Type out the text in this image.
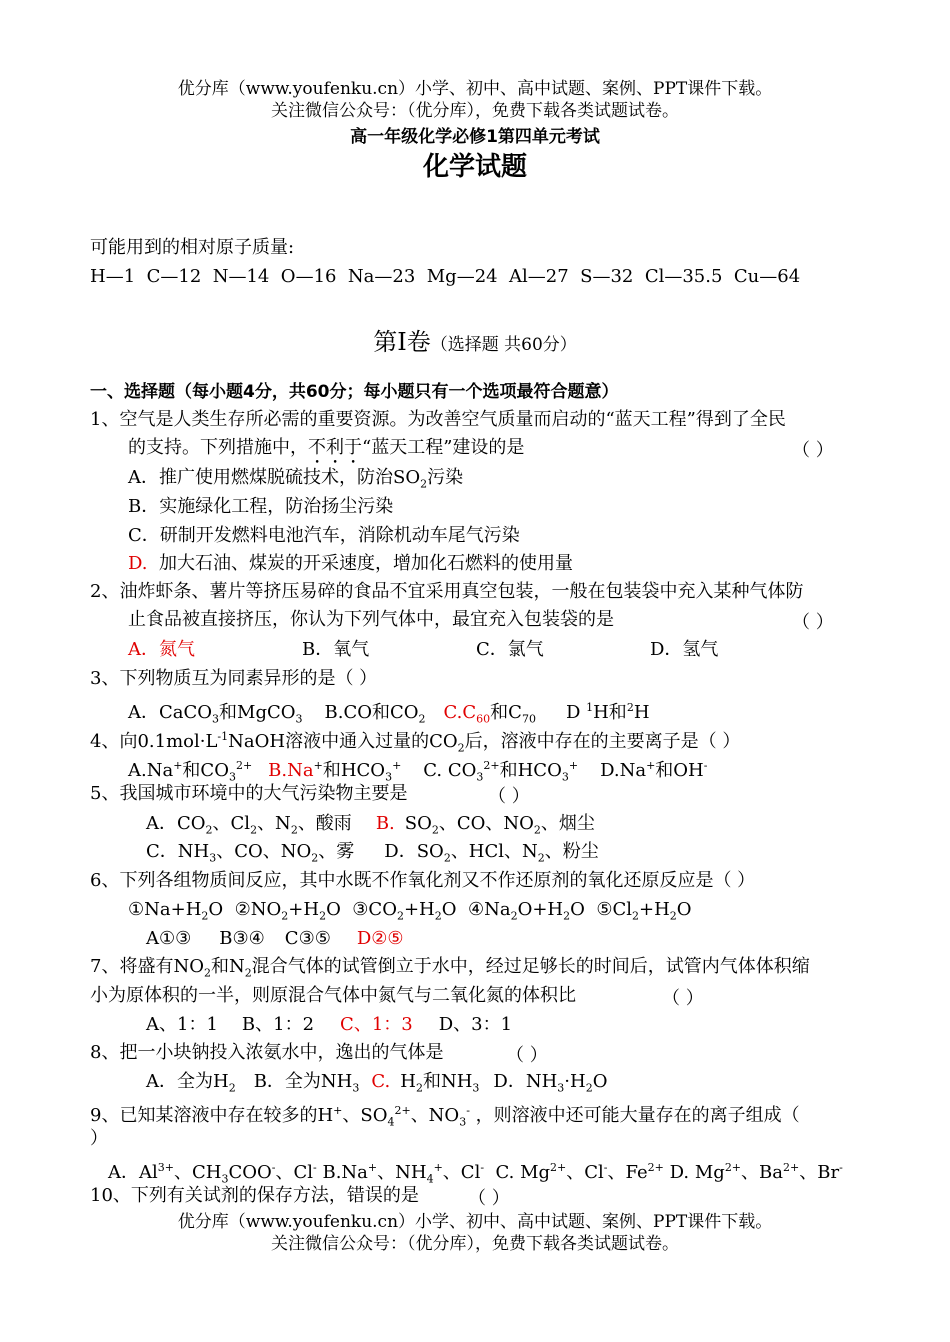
优分库（www.youfenku.cn）小学、初中、高中试题、案例、PPT课件下载。
关注微信公众号：（优分库），免费下载各类试题试卷。
高一年级化学必修1第四单元考试
化学试题
可能用到的相对原子质量:
H—1  C—12  N—14  O—16  Na—23  Mg—24  Al—27  S—32  Cl—35.5  Cu—64
第Ⅰ卷（选择题 共60分）
一、选择题（每小题4分，共60分；每小题只有一个选项最符合题意）
1、空气是人类生存所必需的重要资源。为改善空气质量而启动的“蓝天工程”得到了全民
的支持。下列措施中，不利于“蓝天工程”建设的是	（ ）
A．推广使用燃煤脱硫技术，防治$SO_2$污染
B．实施绿化工程，防治扬尘污染
C．研制开发燃料电池汽车，消除机动车尾气污染
D. 加大石油、煤炭的开采速度，增加化石燃料的使用量
2、油炸虾条、薯片等挤压易碎的食品不宜采用真空包装，一般在包装袋中充入某种气体防
止食品被直接挤压，你认为下列气体中，最宜充入包装袋的是	（ ）
A．氮气	B．氧气	C．氯气	D．氢气
3、下列物质互为同素异形的是（ ）
A．CaCO$_3$和MgCO$_3$ B.CO和$CO_2$ $C.C_{60}$和$C_{70}$ D $^1$H和$^2$H
4、向$0.1mol\cdot L^{-1}NaOH$溶液中通入过量的$CO_2$后，溶液中存在的主要离子是（ ）
A.Na+和$CO_3^{2+}$ B.Na+和$HCO_3^+$ C. $CO_3^{2+}$和$HCO_3^+$ D.Na+和OH-
5、我国城市环境中的大气污染物主要是	（ ）
A．$CO_2$、$Cl_2$、$N_2$、酸雨 B. $SO_2$、CO、$NO_2$、烟尘
C．$NH_3$、CO、$NO_2$、雾 D．$SO_2$、HCl、$N_2$、粉尘
6、下列各组物质间反应，其中水既不作氧化剂又不作还原剂的氧化还原反应是（ ）
$①Na+H_2O$ $②NO_2+H_2O$ $③CO_2+H_2O$ $④Na_2O+H_2O$ $⑤Cl_2+H_2O$
A①③ B③④ C③⑤ D②⑤
7、将盛有$NO_2$和$N_2$混合气体的试管倒立于水中，经过足够长的时间后，试管内气体体积缩
小为原体积的一半，则原混合气体中氮气与二氧化氮的体积比	（ ）
A、1：1 B、1：2 C、1：3 D、3：1
8、把一小块钠投入浓氨水中，逸出的气体是	（ ）
A．全为$H_2$ B．全为$NH_3$ C. $H_2$和$NH_3$ D．$NH_3\cdot H_2O$
9、已知某溶液中存在较多的H+、$SO_4^{2+}$、$NO_3^-$ ，则溶液中还可能大量存在的离子组成（
）
A．$Al^{3+}$、$CH_3COO^-$、Cl- B.Na+、$NH_4^+$、Cl- C. $Mg^{2+}$、Cl-、$Fe^{2+}$ D. $Mg^{2+}$、$Ba^{2+}$、Br-
10、下列有关试剂的保存方法，错误的是	（ ）
优分库（www.youfenku.cn）小学、初中、高中试题、案例、PPT课件下载。
关注微信公众号：（优分库），免费下载各类试题试卷。
